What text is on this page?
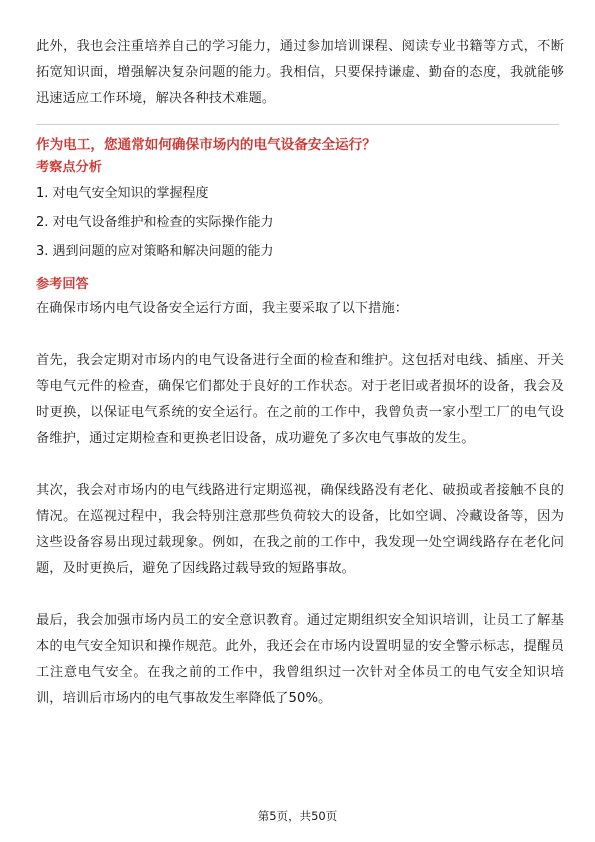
此外，我也会注重培养自己的学习能力，通过参加培训课程、阅读专业书籍等方式，不断拓宽知识面，增强解决复杂问题的能力。我相信，只要保持谦虚、勤奋的态度，我就能够迅速适应工作环境，解决各种技术难题。

作为电工，您通常如何确保市场内的电气设备安全运行？

考察点分析

1. 对电气安全知识的掌握程度
2. 对电气设备维护和检查的实际操作能力
3. 遇到问题的应对策略和解决问题的能力

参考回答

在确保市场内电气设备安全运行方面，我主要采取了以下措施：

首先，我会定期对市场内的电气设备进行全面的检查和维护。这包括对电线、插座、开关等电气元件的检查，确保它们都处于良好的工作状态。对于老旧或者损坏的设备，我会及时更换，以保证电气系统的安全运行。在之前的工作中，我曾负责一家小型工厂的电气设备维护，通过定期检查和更换老旧设备，成功避免了多次电气事故的发生。

其次，我会对市场内的电气线路进行定期巡视，确保线路没有老化、破损或者接触不良的情况。在巡视过程中，我会特别注意那些负荷较大的设备，比如空调、冷藏设备等，因为这些设备容易出现过载现象。例如，在我之前的工作中，我发现一处空调线路存在老化问题，及时更换后，避免了因线路过载导致的短路事故。

最后，我会加强市场内员工的安全意识教育。通过定期组织安全知识培训，让员工了解基本的电气安全知识和操作规范。此外，我还会在市场内设置明显的安全警示标志，提醒员工注意电气安全。在我之前的工作中，我曾组织过一次针对全体员工的电气安全知识培训，培训后市场内的电气事故发生率降低了50%。

第5页，共50页
